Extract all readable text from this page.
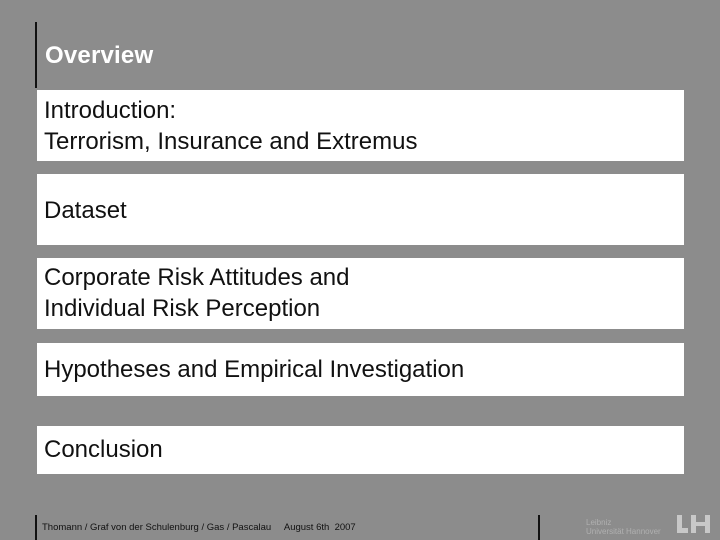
Overview
Introduction:
Terrorism, Insurance and Extremus
Dataset
Corporate Risk Attitudes and
Individual Risk Perception
Hypotheses and Empirical Investigation
Conclusion
Thomann / Graf von der Schulenburg / Gas / Pascalau August 6th  2007	Leibniz
Universität Hannover
